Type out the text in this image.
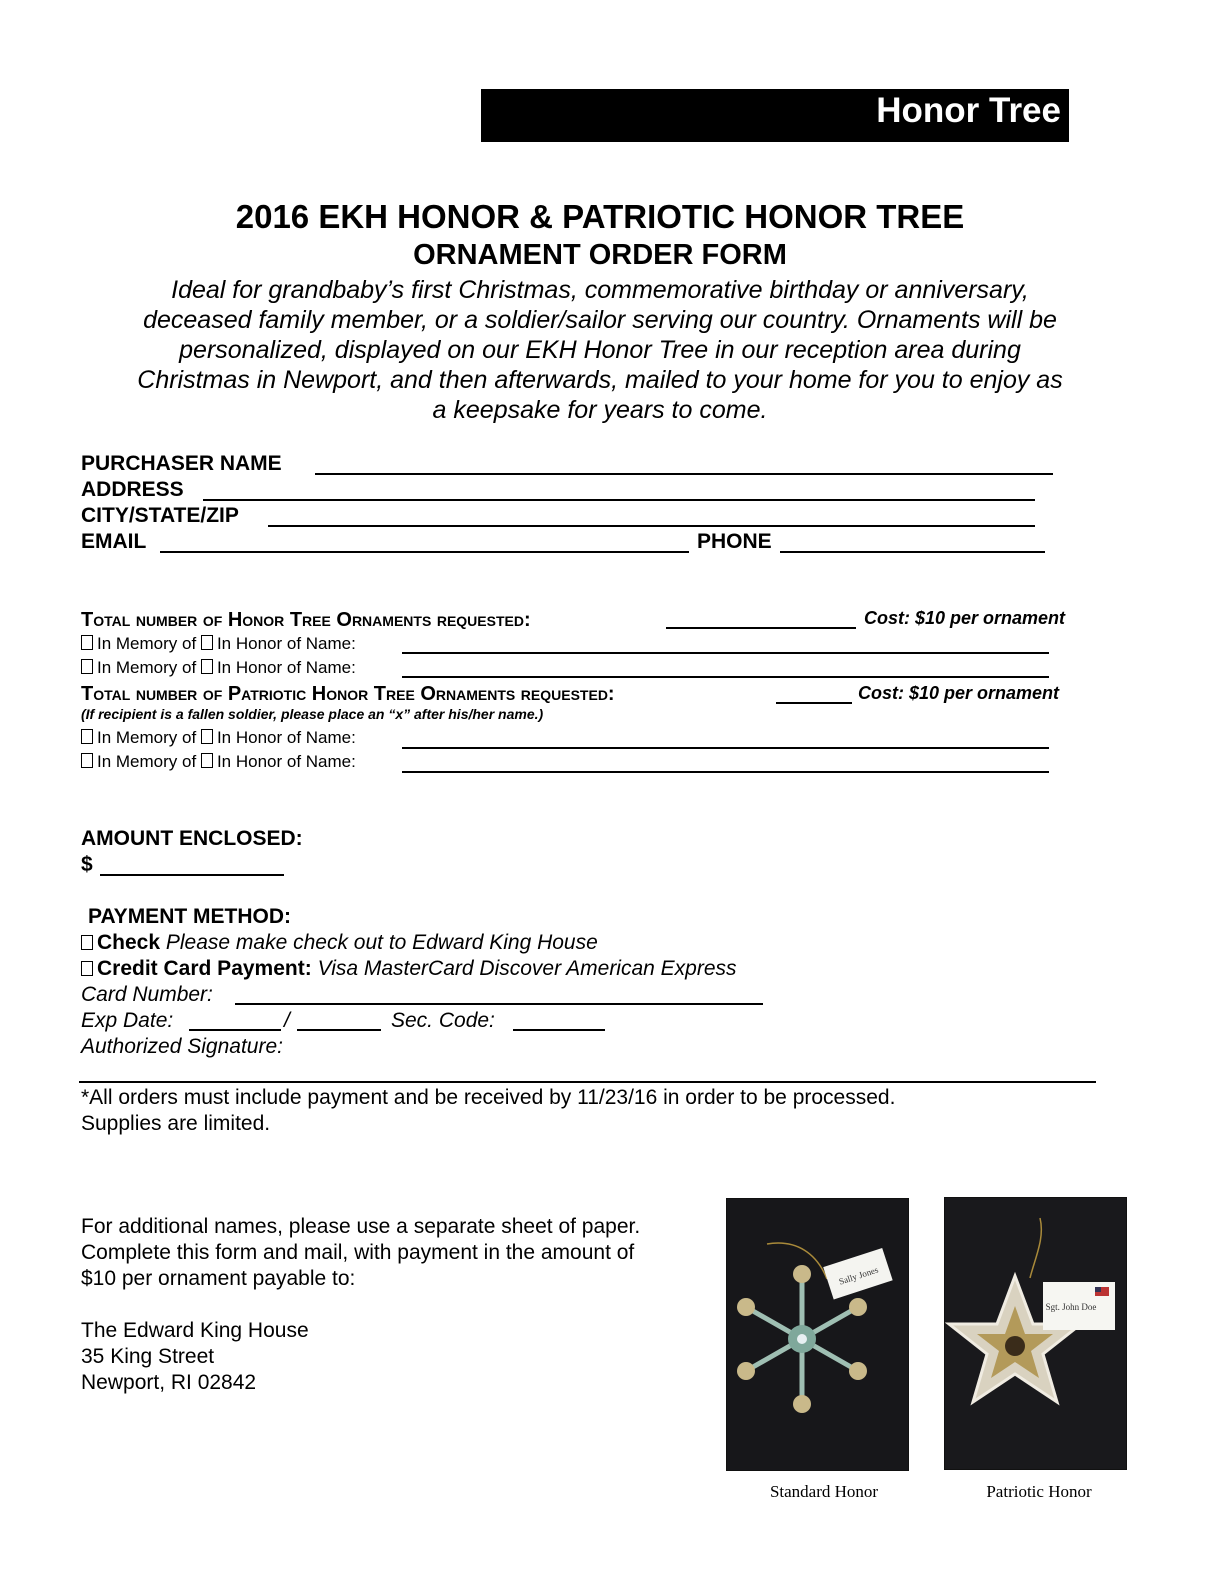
Honor Tree
2016 EKH HONOR & PATRIOTIC HONOR TREE
ORNAMENT ORDER FORM
Ideal for grandbaby’s first Christmas, commemorative birthday or anniversary,
deceased family member, or a soldier/sailor serving our country. Ornaments will be
personalized, displayed on our EKH Honor Tree in our reception area during
Christmas in Newport, and then afterwards, mailed to your home for you to enjoy as
a keepsake for years to come.
PURCHASER NAME
ADDRESS
CITY/STATE/ZIP
EMAIL	PHONE
Total number of Honor Tree Ornaments requested:	Cost: $10 per ornament
In Memory of In Honor of Name:
In Memory of In Honor of Name:
Total number of Patriotic Honor Tree Ornaments requested:	Cost: $10 per ornament
(If recipient is a fallen soldier, please place an “x” after his/her name.)
In Memory of In Honor of Name:
In Memory of In Honor of Name:
AMOUNT ENCLOSED:
$
PAYMENT METHOD:
Check Please make check out to Edward King House
Credit Card Payment: Visa MasterCard Discover American Express
Card Number:
Exp Date:	/	Sec. Code:
Authorized Signature:
*All orders must include payment and be received by 11/23/16 in order to be processed.
Supplies are limited.
For additional names, please use a separate sheet of paper.
Complete this form and mail, with payment in the amount of
$10 per ornament payable to:
The Edward King House
35 King Street
Newport, RI 02842
Sally Jones
Standard Honor
Sgt. John Doe
Patriotic Honor
